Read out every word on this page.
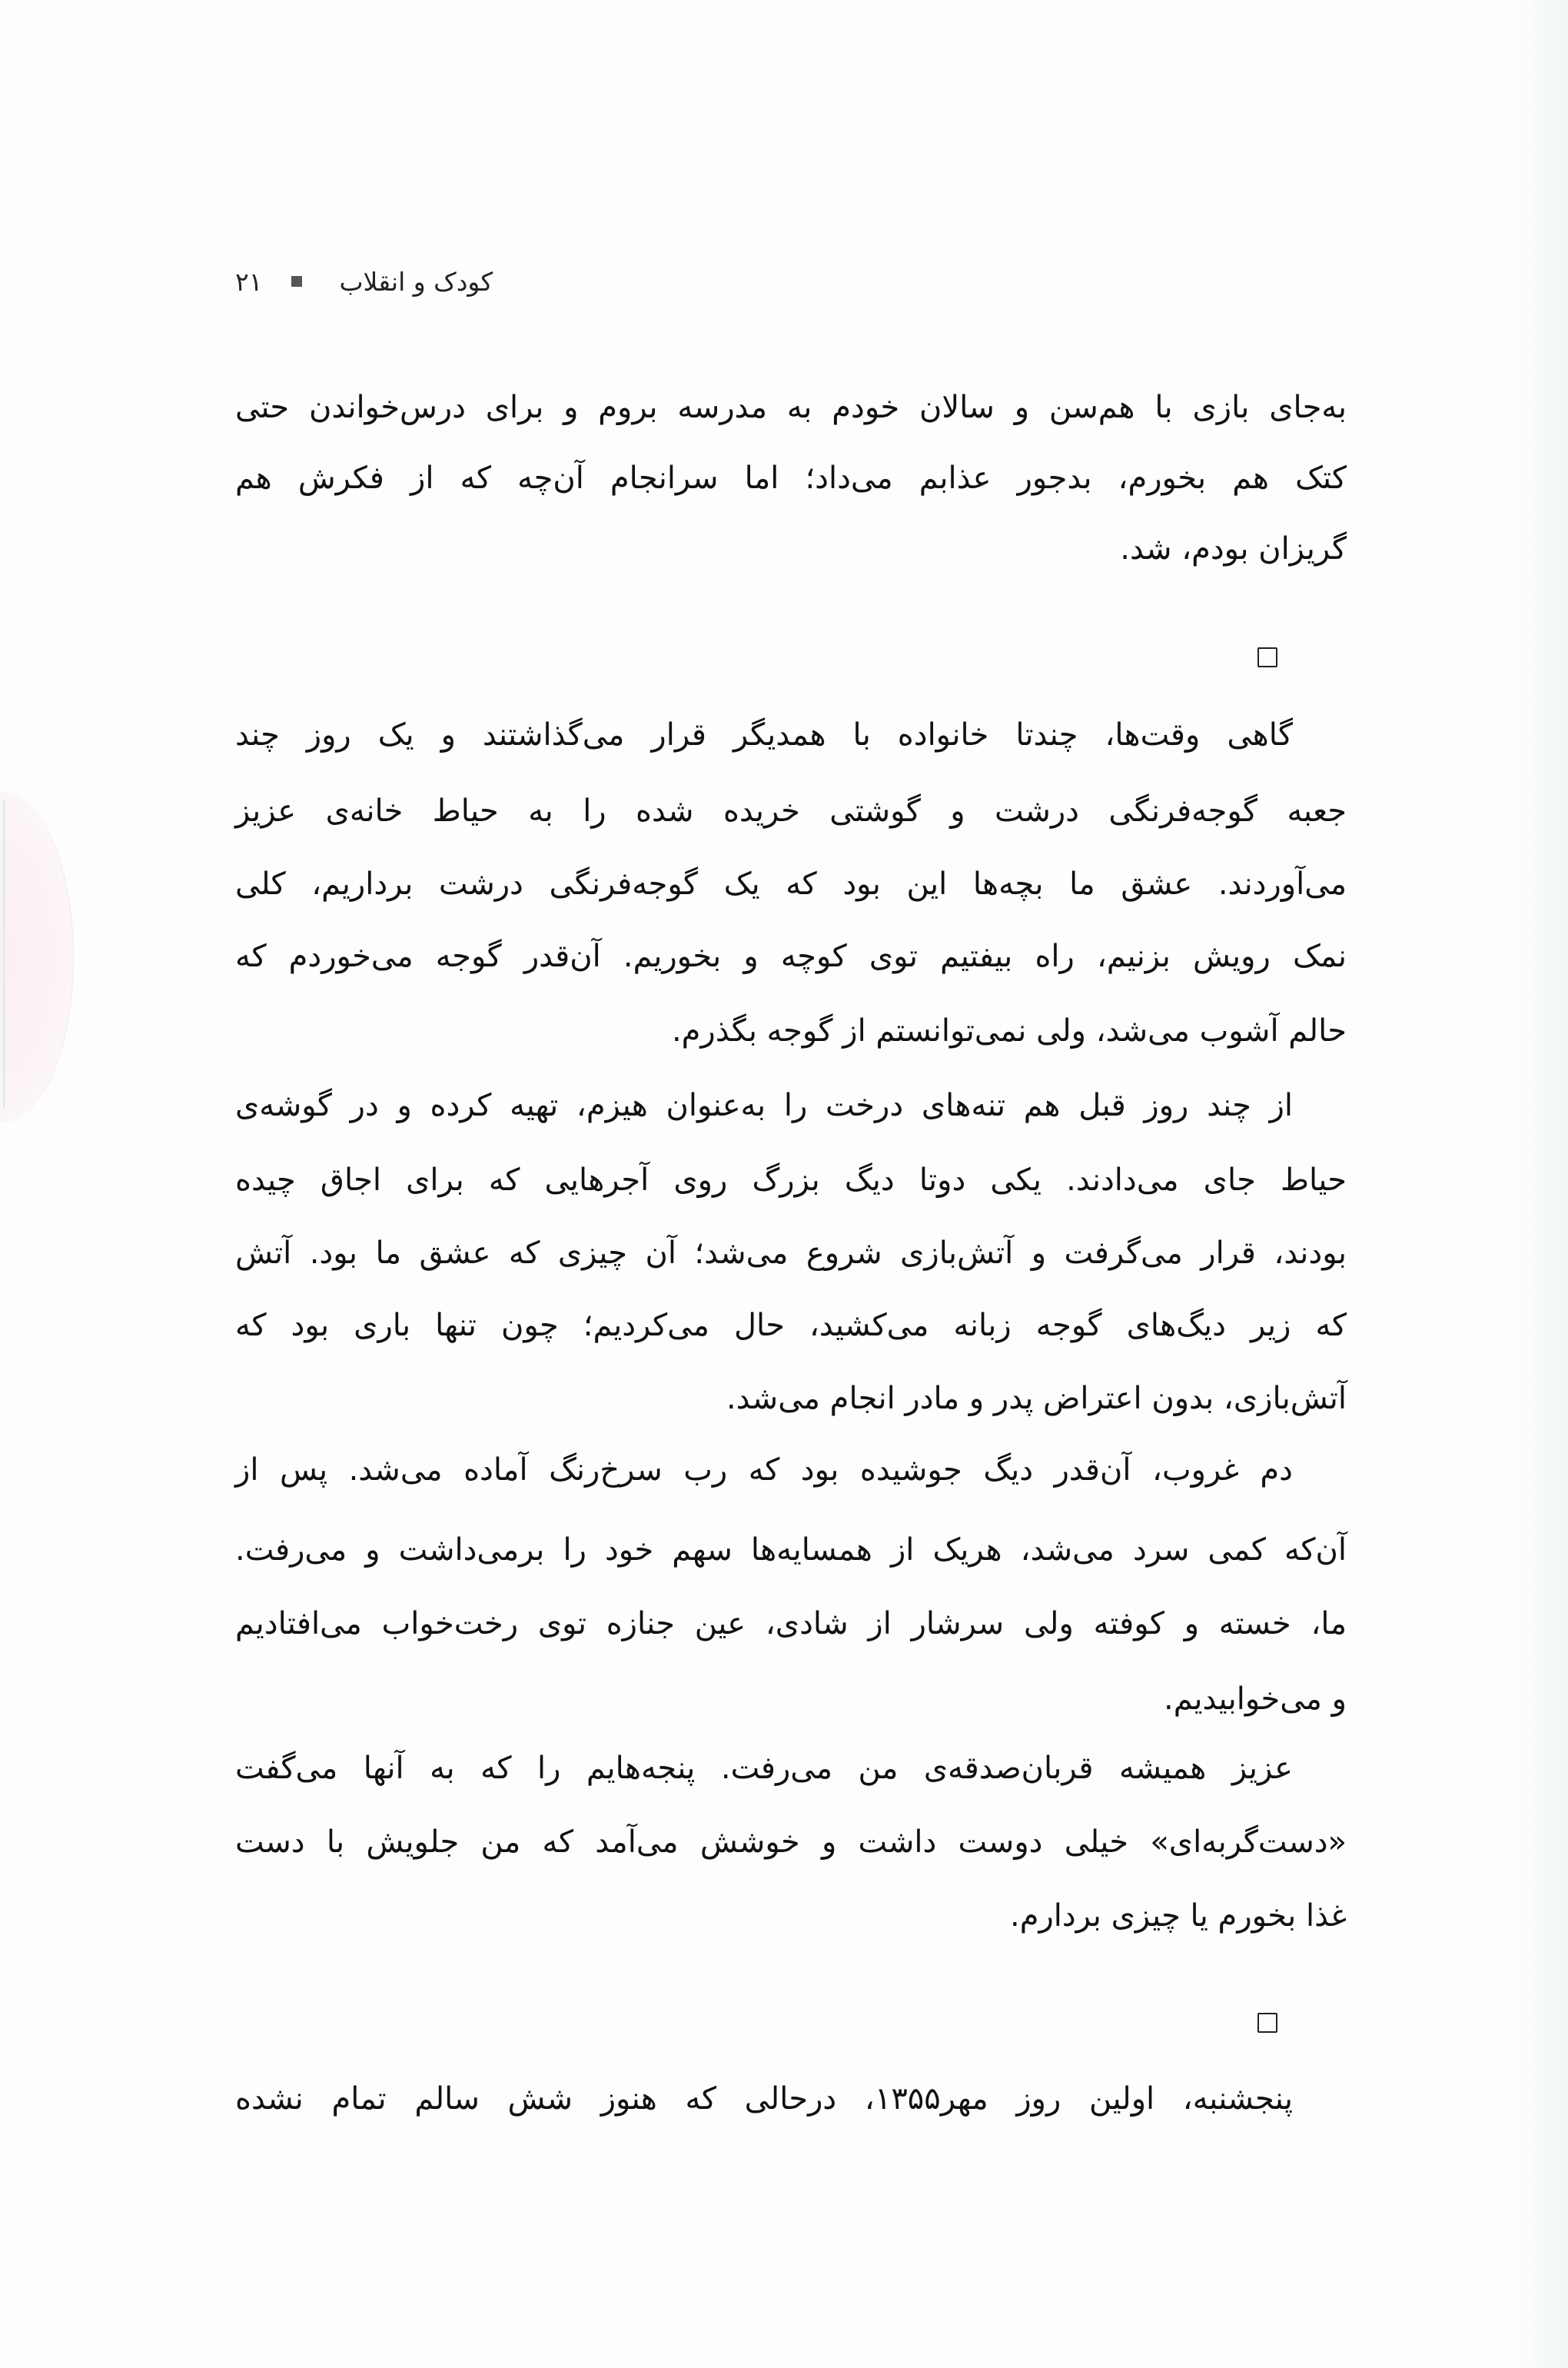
۲۱	کودک و انقلاب
به‌جای بازی با هم‌سن و سالان خودم به مدرسه بروم و برای درس‌خواندن حتی
کتک هم بخورم، بدجور عذابم می‌داد؛ اما سرانجام آن‌چه که از فکرش هم
گریزان بودم، شد.
گاهی وقت‌ها، چندتا خانواده با همدیگر قرار می‌گذاشتند و یک روز چند
جعبه گوجه‌فرنگی درشت و گوشتی خریده شده را به حیاط خانه‌ی عزیز
می‌آوردند. عشق ما بچه‌ها این بود که یک گوجه‌فرنگی درشت برداریم، کلی
نمک رویش بزنیم، راه بیفتیم توی کوچه و بخوریم. آن‌قدر گوجه می‌خوردم که
حالم آشوب می‌شد، ولی نمی‌توانستم از گوجه بگذرم.
از چند روز قبل هم تنه‌های درخت را به‌عنوان هیزم، تهیه کرده و در گوشه‌ی
حیاط جای می‌دادند. یکی دوتا دیگ بزرگ روی آجرهایی که برای اجاق چیده
بودند، قرار می‌گرفت و آتش‌بازی شروع می‌شد؛ آن چیزی که عشق ما بود. آتش
که زیر دیگ‌های گوجه زبانه می‌کشید، حال می‌کردیم؛ چون تنها باری بود که
آتش‌بازی، بدون اعتراض پدر و مادر انجام می‌شد.
دم غروب، آن‌قدر دیگ جوشیده بود که رب سرخ‌رنگ آماده می‌شد. پس از
آن‌که کمی سرد می‌شد، هریک از همسایه‌ها سهم خود را برمی‌داشت و می‌رفت.
ما، خسته و کوفته ولی سرشار از شادی، عین جنازه توی رخت‌خواب می‌افتادیم
و می‌خوابیدیم.
عزیز همیشه قربان‌صدقه‌ی من می‌رفت. پنجه‌هایم را که به آنها می‌گفت
«دست‌گربه‌ای» خیلی دوست داشت و خوشش می‌آمد که من جلویش با دست
غذا بخورم یا چیزی بردارم.
پنجشنبه، اولین روز مهر۱۳۵۵، درحالی که هنوز شش سالم تمام نشده
